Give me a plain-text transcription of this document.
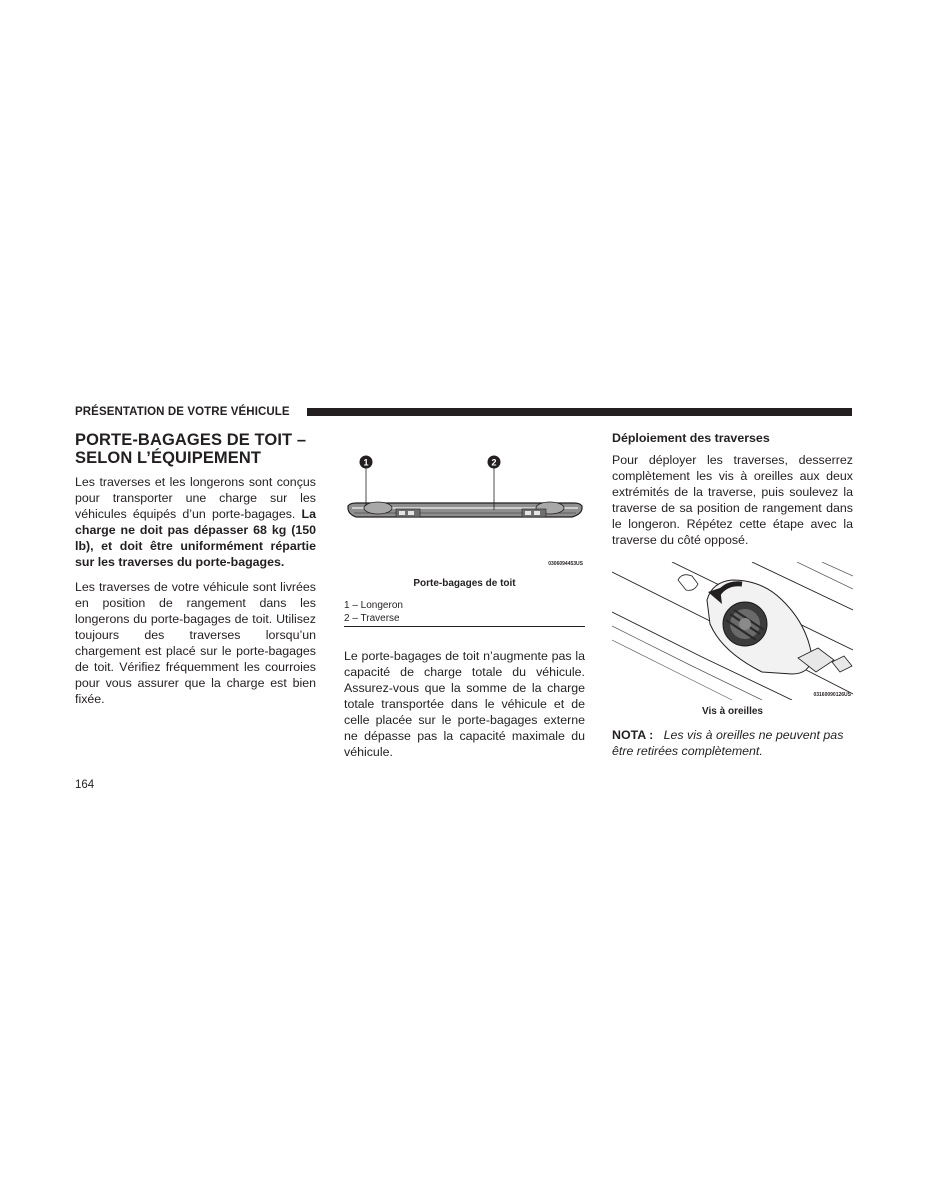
PRÉSENTATION DE VOTRE VÉHICULE
PORTE-BAGAGES DE TOIT –
SELON L’ÉQUIPEMENT

Les traverses et les longerons sont conçus pour transporter une charge sur les véhicules équipés d’un porte-bagages. La charge ne doit pas dépasser 68 kg (150 lb), et doit être uniformément répartie sur les traverses du porte-bagages.

Les traverses de votre véhicule sont livrées en position de rangement dans les longerons du porte-bagages de toit. Utilisez toujours des traverses lorsqu’un chargement est placé sur le porte-bagages de toit. Vérifiez fréquemment les courroies pour vous assurer que la charge est bien fixée.

1	2
0306094453US
Porte-bagages de toit
1 – Longeron
2 – Traverse

Le porte-bagages de toit n’augmente pas la capacité de charge totale du véhicule. Assurez-vous que la somme de la charge totale transportée dans le véhicule et de celle placée sur le porte-bagages externe ne dépasse pas la capacité maximale du véhicule.

Déploiement des traverses

Pour déployer les traverses, desserrez complètement les vis à oreilles aux deux extrémités de la traverse, puis soulevez la traverse de sa position de rangement dans le longeron. Répétez cette étape avec la traverse du côté opposé.

03160090126US
Vis à oreilles
NOTA : Les vis à oreilles ne peuvent pas être retirées complètement.
164
